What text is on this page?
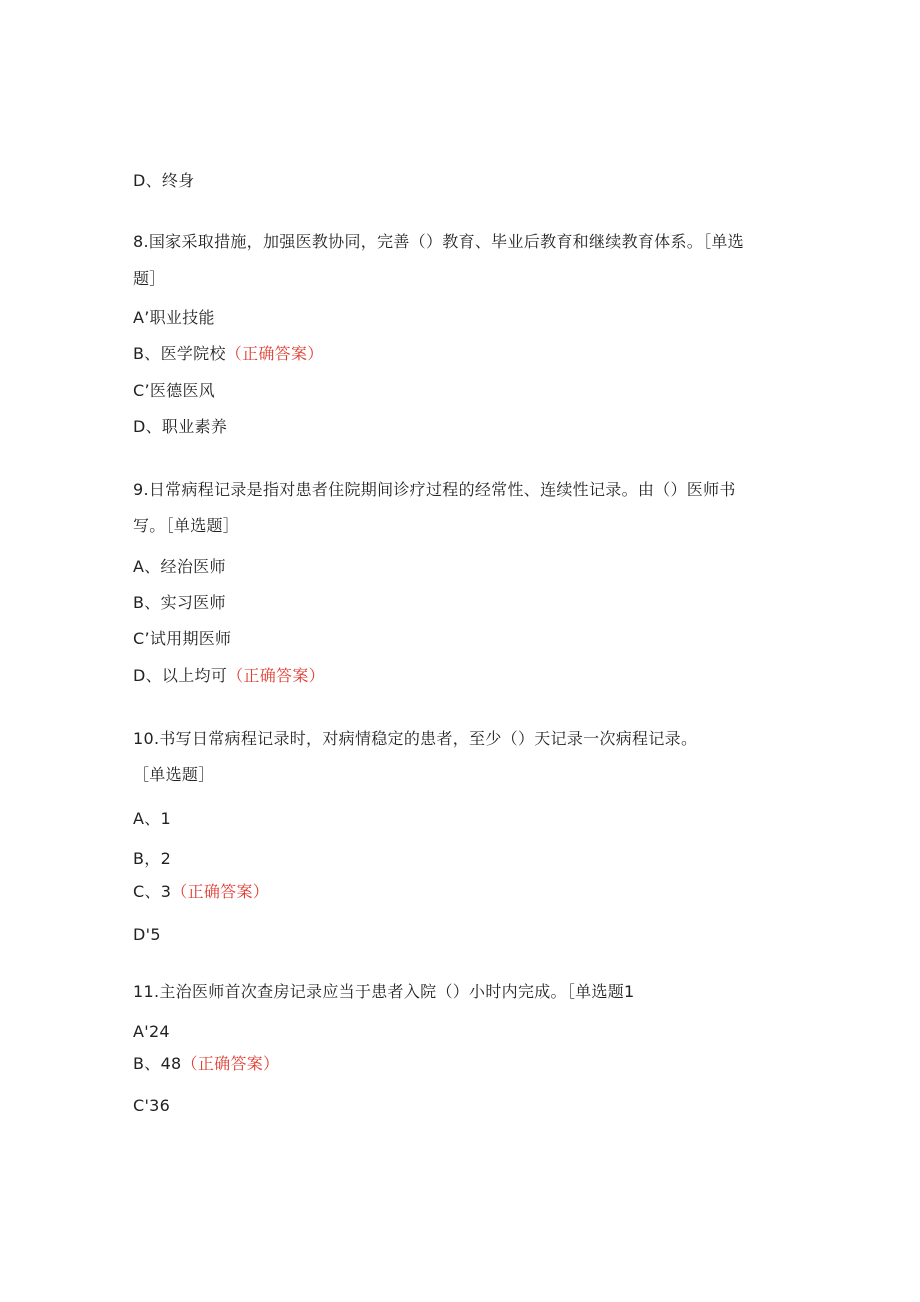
D、终身
8.国家采取措施，加强医教协同，完善（）教育、毕业后教育和继续教育体系。［单选
题］
A’职业技能
B、医学院校（正确答案）
C’医德医风
D、职业素养
9.日常病程记录是指对患者住院期间诊疗过程的经常性、连续性记录。由（）医师书
写。［单选题］
A、经治医师
B、实习医师
C’试用期医师
D、以上均可（正确答案）
10.书写日常病程记录时，对病情稳定的患者，至少（）天记录一次病程记录。
［单选题］
A、1
B，2
C、3（正确答案）
D'5
11.主治医师首次查房记录应当于患者入院（）小时内完成。［单选题1
A'24
B、48（正确答案）
C'36
